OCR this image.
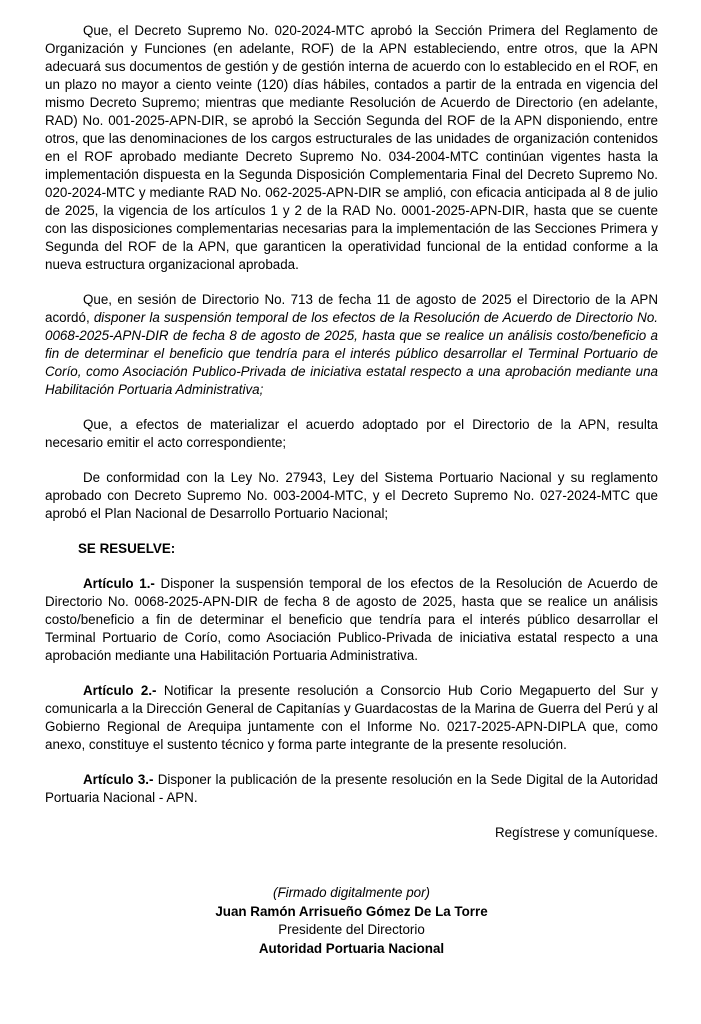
Que, el Decreto Supremo No. 020-2024-MTC aprobó la Sección Primera del Reglamento de Organización y Funciones (en adelante, ROF) de la APN estableciendo, entre otros, que la APN adecuará sus documentos de gestión y de gestión interna de acuerdo con lo establecido en el ROF, en un plazo no mayor a ciento veinte (120) días hábiles, contados a partir de la entrada en vigencia del mismo Decreto Supremo; mientras que mediante Resolución de Acuerdo de Directorio (en adelante, RAD) No. 001-2025-APN-DIR, se aprobó la Sección Segunda del ROF de la APN disponiendo, entre otros, que las denominaciones de los cargos estructurales de las unidades de organización contenidos en el ROF aprobado mediante Decreto Supremo No. 034-2004-MTC continúan vigentes hasta la implementación dispuesta en la Segunda Disposición Complementaria Final del Decreto Supremo No. 020-2024-MTC y mediante RAD No. 062-2025-APN-DIR se amplió, con eficacia anticipada al 8 de julio de 2025, la vigencia de los artículos 1 y 2 de la RAD No. 0001-2025-APN-DIR, hasta que se cuente con las disposiciones complementarias necesarias para la implementación de las Secciones Primera y Segunda del ROF de la APN, que garanticen la operatividad funcional de la entidad conforme a la nueva estructura organizacional aprobada.

Que, en sesión de Directorio No. 713 de fecha 11 de agosto de 2025 el Directorio de la APN acordó, disponer la suspensión temporal de los efectos de la Resolución de Acuerdo de Directorio No. 0068-2025-APN-DIR de fecha 8 de agosto de 2025, hasta que se realice un análisis costo/beneficio a fin de determinar el beneficio que tendría para el interés público desarrollar el Terminal Portuario de Corío, como Asociación Publico-Privada de iniciativa estatal respecto a una aprobación mediante una Habilitación Portuaria Administrativa;

Que, a efectos de materializar el acuerdo adoptado por el Directorio de la APN, resulta necesario emitir el acto correspondiente;

De conformidad con la Ley No. 27943, Ley del Sistema Portuario Nacional y su reglamento aprobado con Decreto Supremo No. 003-2004-MTC, y el Decreto Supremo No. 027-2024-MTC que aprobó el Plan Nacional de Desarrollo Portuario Nacional;

SE RESUELVE:

Artículo 1.- Disponer la suspensión temporal de los efectos de la Resolución de Acuerdo de Directorio No. 0068-2025-APN-DIR de fecha 8 de agosto de 2025, hasta que se realice un análisis costo/beneficio a fin de determinar el beneficio que tendría para el interés público desarrollar el Terminal Portuario de Corío, como Asociación Publico-Privada de iniciativa estatal respecto a una aprobación mediante una Habilitación Portuaria Administrativa.

Artículo 2.- Notificar la presente resolución a Consorcio Hub Corio Megapuerto del Sur y comunicarla a la Dirección General de Capitanías y Guardacostas de la Marina de Guerra del Perú y al Gobierno Regional de Arequipa juntamente con el Informe No. 0217-2025-APN-DIPLA que, como anexo, constituye el sustento técnico y forma parte integrante de la presente resolución.

Artículo 3.- Disponer la publicación de la presente resolución en la Sede Digital de la Autoridad Portuaria Nacional - APN.

Regístrese y comuníquese.

(Firmado digitalmente por)
Juan Ramón Arrisueño Gómez De La Torre
Presidente del Directorio
Autoridad Portuaria Nacional
